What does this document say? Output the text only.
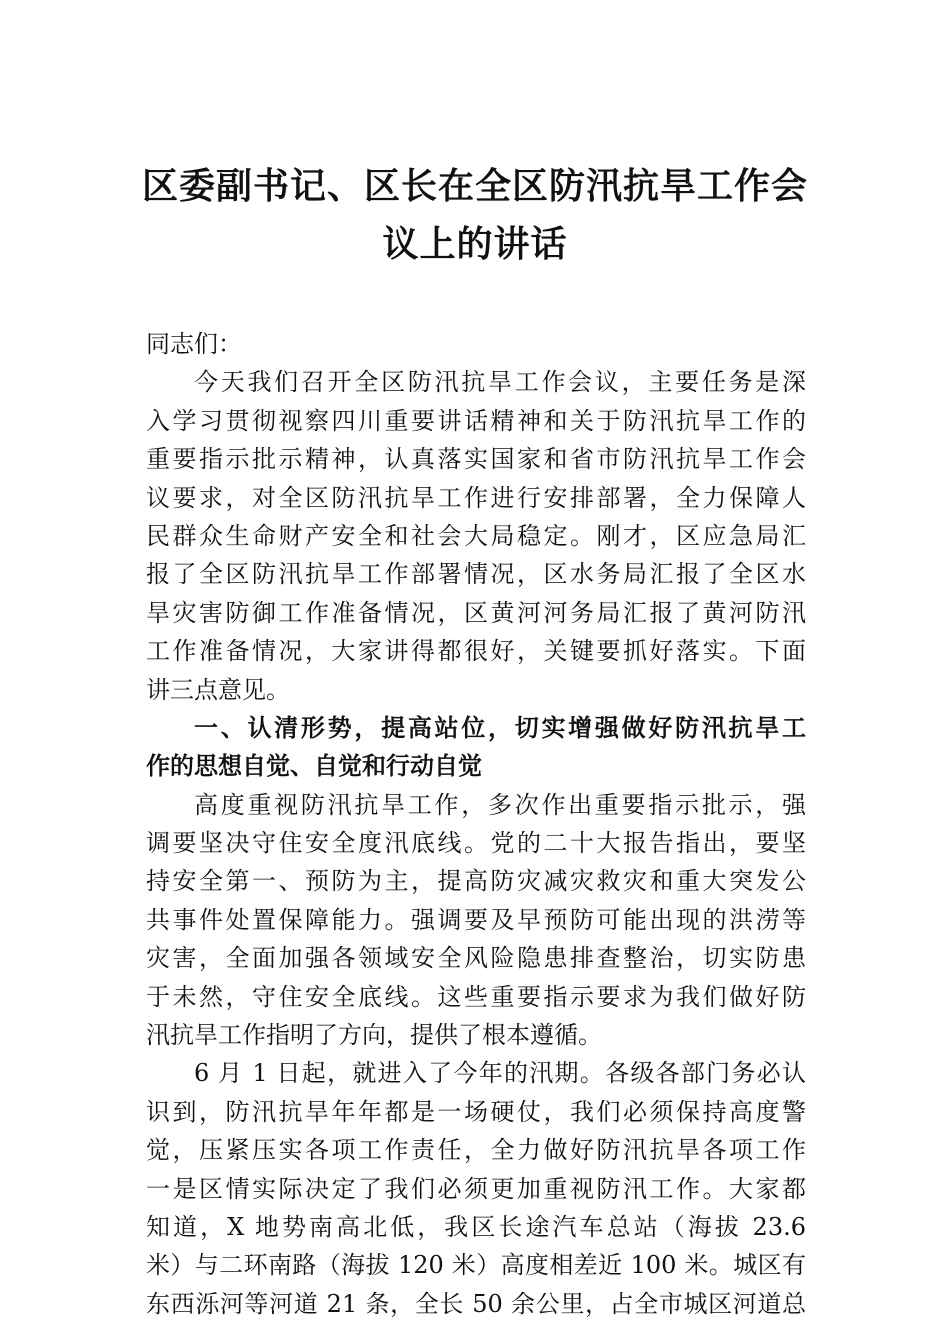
区委副书记、区长在全区防汛抗旱工作会
议上的讲话
同志们：
今天我们召开全区防汛抗旱工作会议，主要任务是深
入学习贯彻视察四川重要讲话精神和关于防汛抗旱工作的
重要指示批示精神，认真落实国家和省市防汛抗旱工作会
议要求，对全区防汛抗旱工作进行安排部署，全力保障人
民群众生命财产安全和社会大局稳定。刚才，区应急局汇
报了全区防汛抗旱工作部署情况，区水务局汇报了全区水
旱灾害防御工作准备情况，区黄河河务局汇报了黄河防汛
工作准备情况，大家讲得都很好，关键要抓好落实。下面
讲三点意见。
一、认清形势，提高站位，切实增强做好防汛抗旱工
作的思想自觉、自觉和行动自觉
高度重视防汛抗旱工作，多次作出重要指示批示，强
调要坚决守住安全度汛底线。党的二十大报告指出，要坚
持安全第一、预防为主，提高防灾减灾救灾和重大突发公
共事件处置保障能力。强调要及早预防可能出现的洪涝等
灾害，全面加强各领域安全风险隐患排查整治，切实防患
于未然，守住安全底线。这些重要指示要求为我们做好防
汛抗旱工作指明了方向，提供了根本遵循。
6 月 1 日起，就进入了今年的汛期。各级各部门务必认
识到，防汛抗旱年年都是一场硬仗，我们必须保持高度警
觉，压紧压实各项工作责任，全力做好防汛抗旱各项工作
一是区情实际决定了我们必须更加重视防汛工作。大家都
知道，X 地势南高北低，我区长途汽车总站（海拔 23.6
米）与二环南路（海拔 120 米）高度相差近 100 米。城区有
东西泺河等河道 21 条，全长 50 余公里，占全市城区河道总
